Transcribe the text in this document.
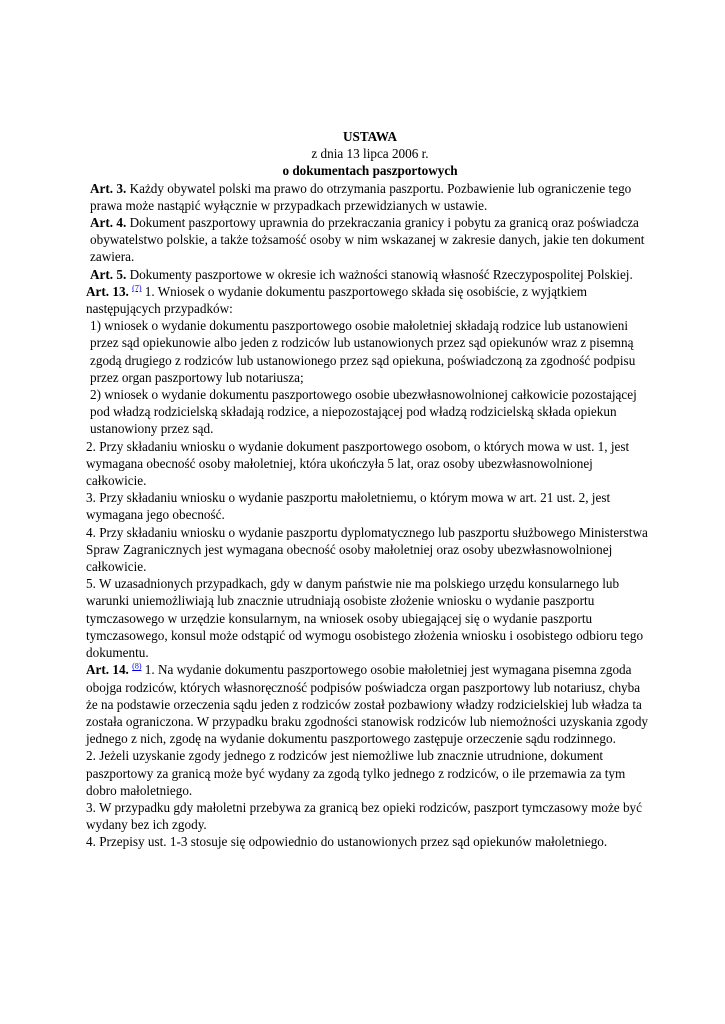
USTAWA

z dnia 13 lipca 2006 r.

o dokumentach paszportowych

Art. 3. Każdy obywatel polski ma prawo do otrzymania paszportu. Pozbawienie lub ograniczenie tego prawa może nastąpić wyłącznie w przypadkach przewidzianych w ustawie.

Art. 4. Dokument paszportowy uprawnia do przekraczania granicy i pobytu za granicą oraz poświadcza obywatelstwo polskie, a także tożsamość osoby w nim wskazanej w zakresie danych, jakie ten dokument zawiera.

Art. 5. Dokumenty paszportowe w okresie ich ważności stanowią własność Rzeczypospolitej Polskiej.

Art. 13. $^{(7)}$ 1. Wniosek o wydanie dokumentu paszportowego składa się osobiście, z wyjątkiem następujących przypadków:

1) wniosek o wydanie dokumentu paszportowego osobie małoletniej składają rodzice lub ustanowieni przez sąd opiekunowie albo jeden z rodziców lub ustanowionych przez sąd opiekunów wraz z pisemną zgodą drugiego z rodziców lub ustanowionego przez sąd opiekuna, poświadczoną za zgodność podpisu przez organ paszportowy lub notariusza;

2) wniosek o wydanie dokumentu paszportowego osobie ubezwłasnowolnionej całkowicie pozostającej pod władzą rodzicielską składają rodzice, a niepozostającej pod władzą rodzicielską składa opiekun ustanowiony przez sąd.

2. Przy składaniu wniosku o wydanie dokument paszportowego osobom, o których mowa w ust. 1, jest wymagana obecność osoby małoletniej, która ukończyła 5 lat, oraz osoby ubezwłasnowolnionej całkowicie.

3. Przy składaniu wniosku o wydanie paszportu małoletniemu, o którym mowa w art. 21 ust. 2, jest wymagana jego obecność.

4. Przy składaniu wniosku o wydanie paszportu dyplomatycznego lub paszportu służbowego Ministerstwa Spraw Zagranicznych jest wymagana obecność osoby małoletniej oraz osoby ubezwłasnowolnionej całkowicie.

5. W uzasadnionych przypadkach, gdy w danym państwie nie ma polskiego urzędu konsularnego lub warunki uniemożliwiają lub znacznie utrudniają osobiste złożenie wniosku o wydanie paszportu tymczasowego w urzędzie konsularnym, na wniosek osoby ubiegającej się o wydanie paszportu tymczasowego, konsul może odstąpić od wymogu osobistego złożenia wniosku i osobistego odbioru tego dokumentu.

Art. 14. $^{(8)}$ 1. Na wydanie dokumentu paszportowego osobie małoletniej jest wymagana pisemna zgoda obojga rodziców, których własnoręczność podpisów poświadcza organ paszportowy lub notariusz, chyba że na podstawie orzeczenia sądu jeden z rodziców został pozbawiony władzy rodzicielskiej lub władza ta została ograniczona. W przypadku braku zgodności stanowisk rodziców lub niemożności uzyskania zgody jednego z nich, zgodę na wydanie dokumentu paszportowego zastępuje orzeczenie sądu rodzinnego.

2. Jeżeli uzyskanie zgody jednego z rodziców jest niemożliwe lub znacznie utrudnione, dokument paszportowy za granicą może być wydany za zgodą tylko jednego z rodziców, o ile przemawia za tym dobro małoletniego.

3. W przypadku gdy małoletni przebywa za granicą bez opieki rodziców, paszport tymczasowy może być wydany bez ich zgody.

4. Przepisy ust. 1-3 stosuje się odpowiednio do ustanowionych przez sąd opiekunów małoletniego.
